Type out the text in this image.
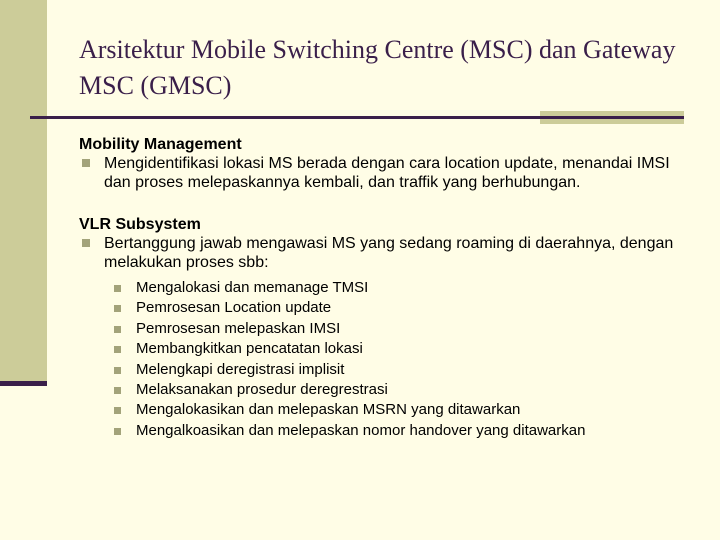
Arsitektur Mobile Switching Centre (MSC) dan Gateway MSC (GMSC)

Mobility Management

Mengidentifikasi lokasi MS berada dengan cara location update, menandai IMSI dan proses melepaskannya kembali, dan traffik yang berhubungan.

VLR Subsystem

Bertanggung jawab mengawasi MS yang sedang roaming di daerahnya, dengan melakukan proses sbb:
Mengalokasi dan memanage TMSI
Pemrosesan Location update
Pemrosesan melepaskan IMSI
Membangkitkan pencatatan lokasi
Melengkapi deregistrasi implisit
Melaksanakan prosedur deregrestrasi
Mengalokasikan dan melepaskan MSRN yang ditawarkan
Mengalkoasikan dan melepaskan nomor handover yang ditawarkan
